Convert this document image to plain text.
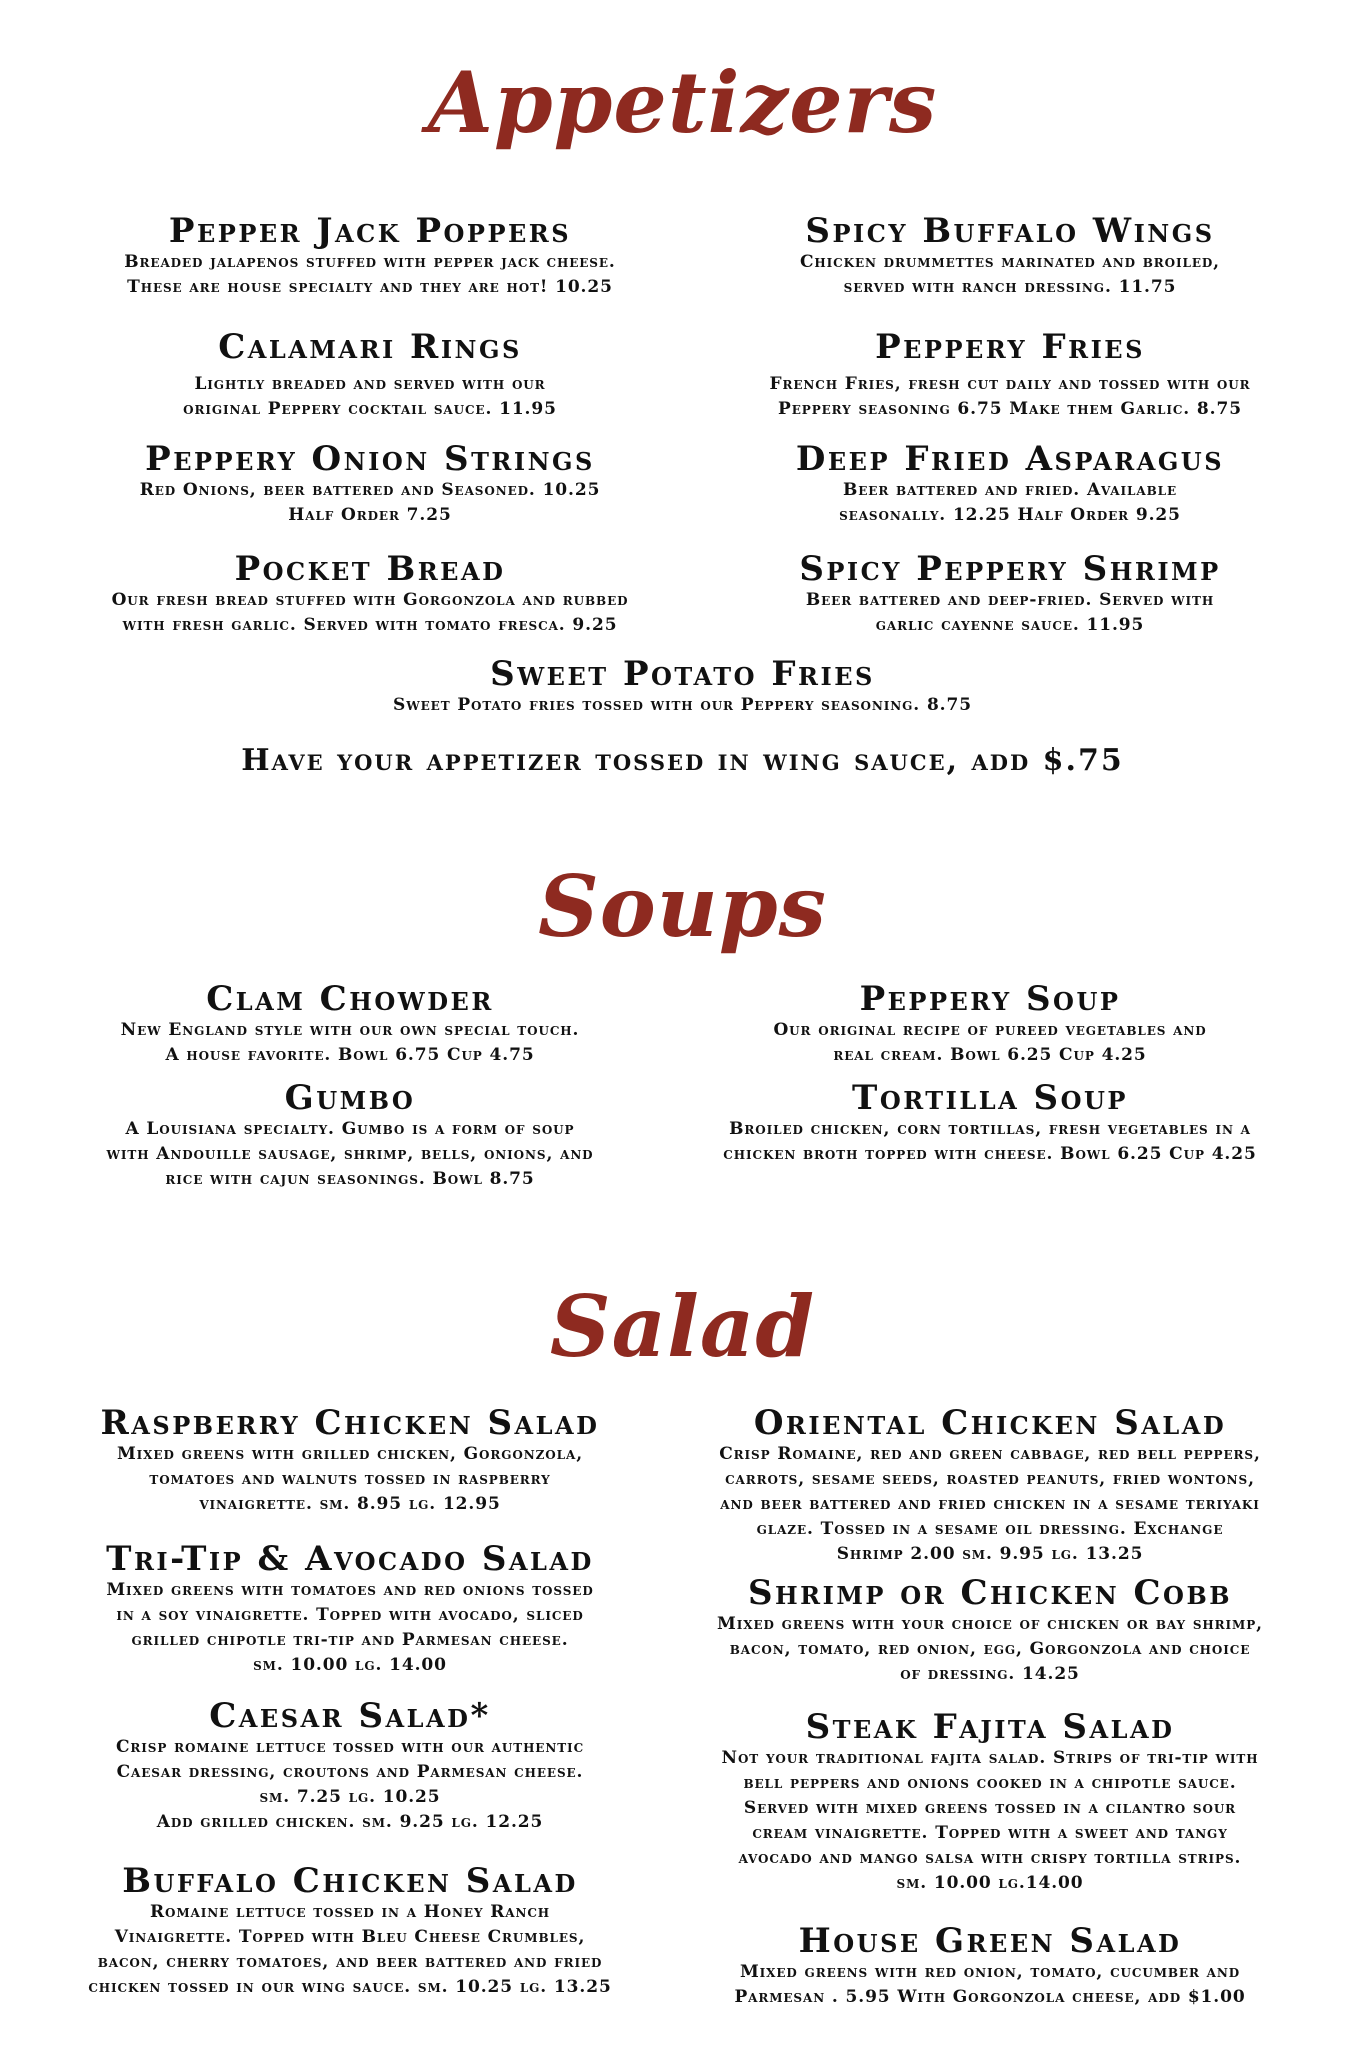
Appetizers
Pepper Jack Poppers
Breaded jalapenos stuffed with pepper jack cheese.
These are house specialty and they are hot! 10.25
Spicy Buffalo Wings
Chicken drummettes marinated and broiled,
served with ranch dressing. 11.75
Calamari Rings
Lightly breaded and served with our
original Peppery cocktail sauce. 11.95
Peppery Fries
French Fries, fresh cut daily and tossed with our
Peppery seasoning 6.75 Make them Garlic. 8.75
Peppery Onion Strings
Red Onions, beer battered and Seasoned. 10.25
Half Order 7.25
Deep Fried Asparagus
Beer battered and fried. Available
seasonally. 12.25 Half Order 9.25
Pocket Bread
Our fresh bread stuffed with Gorgonzola and rubbed
with fresh garlic. Served with tomato fresca. 9.25
Spicy Peppery Shrimp
Beer battered and deep-fried. Served with
garlic cayenne sauce. 11.95
Sweet Potato Fries
Sweet Potato fries tossed with our Peppery seasoning. 8.75
Have your appetizer tossed in wing sauce, add $.75
Soups
Clam Chowder
New England style with our own special touch.
A house favorite. Bowl 6.75 Cup 4.75
Peppery Soup
Our original recipe of pureed vegetables and
real cream. Bowl 6.25 Cup 4.25
Gumbo
A Louisiana specialty. Gumbo is a form of soup
with Andouille sausage, shrimp, bells, onions, and
rice with cajun seasonings. Bowl 8.75
Tortilla Soup
Broiled chicken, corn tortillas, fresh vegetables in a
chicken broth topped with cheese. Bowl 6.25 Cup 4.25
Salad
Raspberry Chicken Salad
Mixed greens with grilled chicken, Gorgonzola,
tomatoes and walnuts tossed in raspberry
vinaigrette. sm. 8.95 lg. 12.95
Oriental Chicken Salad
Crisp Romaine, red and green cabbage, red bell peppers,
carrots, sesame seeds, roasted peanuts, fried wontons,
and beer battered and fried chicken in a sesame teriyaki
glaze. Tossed in a sesame oil dressing. Exchange
Shrimp 2.00 sm. 9.95 lg. 13.25
Tri-Tip & Avocado Salad
Mixed greens with tomatoes and red onions tossed
in a soy vinaigrette. Topped with avocado, sliced
grilled chipotle tri-tip and Parmesan cheese.
sm. 10.00 lg. 14.00
Shrimp or Chicken Cobb
Mixed greens with your choice of chicken or bay shrimp,
bacon, tomato, red onion, egg, Gorgonzola and choice
of dressing. 14.25
Caesar Salad*
Crisp romaine lettuce tossed with our authentic
Caesar dressing, croutons and Parmesan cheese.
sm. 7.25 lg. 10.25
Add grilled chicken. sm. 9.25 lg. 12.25
Steak Fajita Salad
Not your traditional fajita salad. Strips of tri-tip with
bell peppers and onions cooked in a chipotle sauce.
Served with mixed greens tossed in a cilantro sour
cream vinaigrette. Topped with a sweet and tangy
avocado and mango salsa with crispy tortilla strips.
sm. 10.00 lg.14.00
Buffalo Chicken Salad
Romaine lettuce tossed in a Honey Ranch
Vinaigrette. Topped with Bleu Cheese Crumbles,
bacon, cherry tomatoes, and beer battered and fried
chicken tossed in our wing sauce. sm. 10.25 lg. 13.25
House Green Salad
Mixed greens with red onion, tomato, cucumber and
Parmesan . 5.95 With Gorgonzola cheese, add $1.00
